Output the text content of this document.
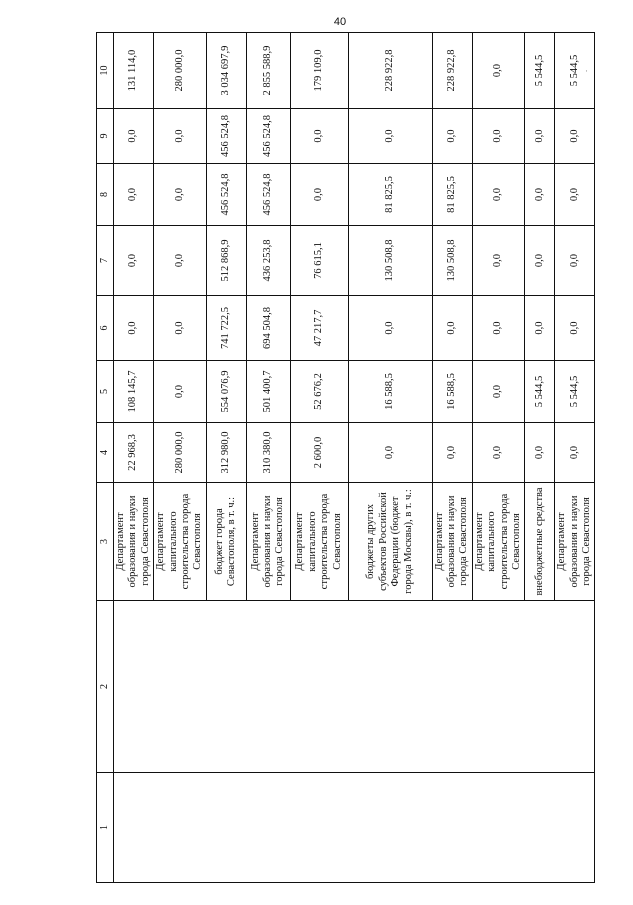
40
·
1	2	3	4	5	6	7	8	9	10
		Департамент образования и науки города Севастополя	22 968,3	108 145,7	0,0	0,0	0,0	0,0	131 114,0
		Департамент капитального строительства города Севастополя	280 000,0	0,0	0,0	0,0	0,0	0,0	280 000,0
		бюджет города Севастополя, в т. ч.:	312 980,0	554 076,9	741 722,5	512 868,9	456 524,8	456 524,8	3 034 697,9
		Департамент образования и науки города Севастополя	310 380,0	501 400,7	694 504,8	436 253,8	456 524,8	456 524,8	2 855 588,9
		Департамент капитального строительства города Севастополя	2 600,0	52 676,2	47 217,7	76 615,1	0,0	0,0	179 109,0
		бюджеты других субъектов Российской Федерации (бюджет города Москвы), в т. ч.:	0,0	16 588,5	0,0	130 508,8	81 825,5	0,0	228 922,8
		Департамент образования и науки города Севастополя	0,0	16 588,5	0,0	130 508,8	81 825,5	0,0	228 922,8
		Департамент капитального строительства города Севастополя	0,0	0,0	0,0	0,0	0,0	0,0	0,0
		внебюджетные средства	0,0	5 544,5	0,0	0,0	0,0	0,0	5 544,5
		Департамент образования и науки города Севастополя	0,0	5 544,5	0,0	0,0	0,0	0,0	5 544,5
